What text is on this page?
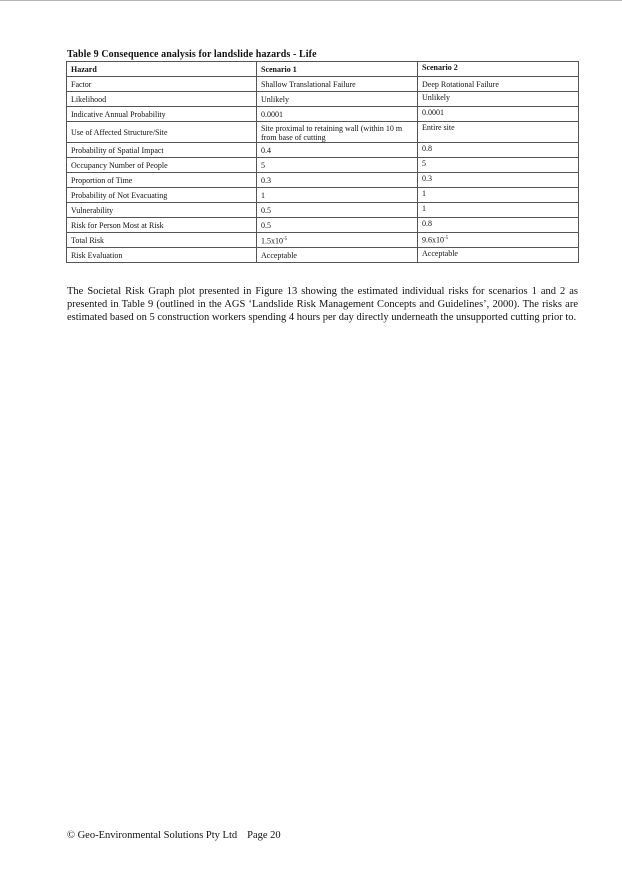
Table 9 Consequence analysis for landslide hazards - Life
Hazard	Scenario 1	Scenario 2
Factor	Shallow Translational Failure	Deep Rotational Failure
Likelihood	Unlikely	Unlikely
Indicative Annual Probability	0.0001	0.0001
Use of Affected Structure/Site	Site proximal to retaining wall (within 10 m from base of cutting	Entire site
Probability of Spatial Impact	0.4	0.8
Occupancy Number of People	5	5
Proportion of Time	0.3	0.3
Probability of Not Evacuating	1	1
Vulnerability	0.5	1
Risk for Person Most at Risk	0.5	0.8
Total Risk	$1.5x10^{-5}$	$9.6x10^{-5}$
Risk Evaluation	Acceptable	Acceptable
The Societal Risk Graph plot presented in Figure 13 showing the estimated individual risks for scenarios 1 and 2 as presented in Table 9 (outlined in the AGS ‘Landslide Risk Management Concepts and Guidelines’, 2000). The risks are estimated based on 5 construction workers spending 4 hours per day directly underneath the unsupported cutting prior to.
© Geo-Environmental Solutions Pty Ltd Page 20
